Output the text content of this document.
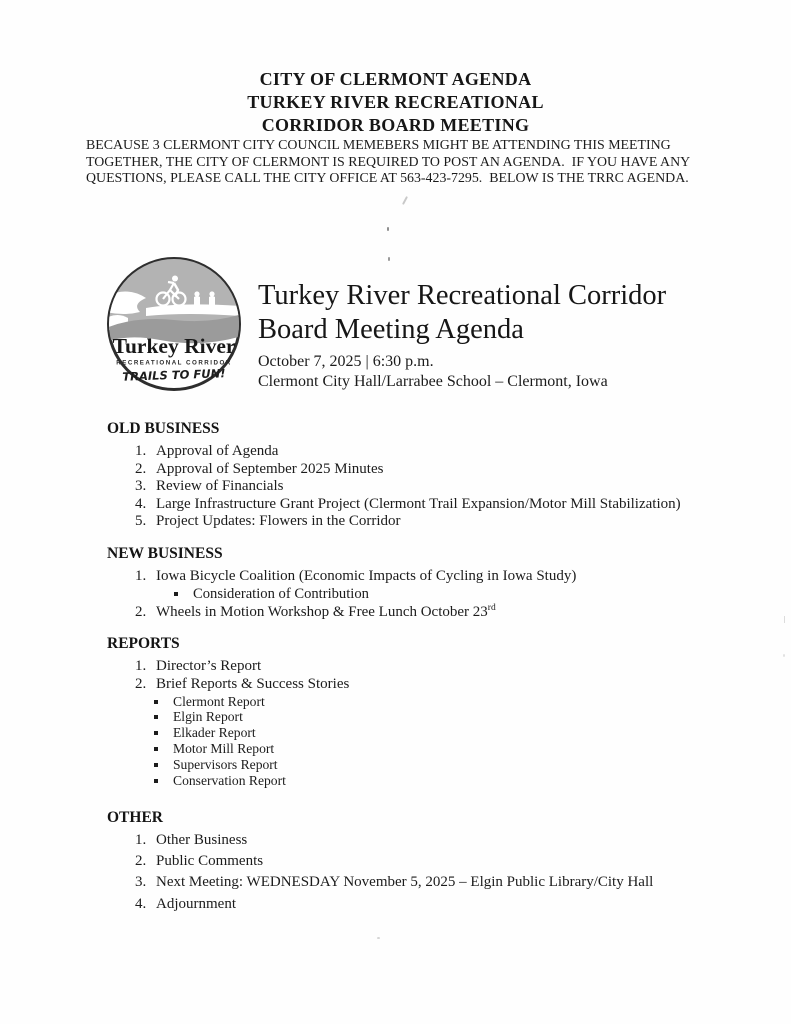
CITY OF CLERMONT AGENDA
TURKEY RIVER RECREATIONAL
CORRIDOR BOARD MEETING
BECAUSE 3 CLERMONT CITY COUNCIL MEMEBERS MIGHT BE ATTENDING THIS MEETING
TOGETHER, THE CITY OF CLERMONT IS REQUIRED TO POST AN AGENDA.  IF YOU HAVE ANY
QUESTIONS, PLEASE CALL THE CITY OFFICE AT 563-423-7295.  BELOW IS THE TRRC AGENDA.
Turkey River
RECREATIONAL CORRIDOR
TRAILS TO FUN!
Turkey River Recreational Corridor
Board Meeting Agenda
October 7, 2025 | 6:30 p.m.
Clermont City Hall/Larrabee School – Clermont, Iowa
OLD BUSINESS
1. Approval of Agenda
2. Approval of September 2025 Minutes
3. Review of Financials
4. Large Infrastructure Grant Project (Clermont Trail Expansion/Motor Mill Stabilization)
5. Project Updates: Flowers in the Corridor
NEW BUSINESS
1. Iowa Bicycle Coalition (Economic Impacts of Cycling in Iowa Study)
▪ Consideration of Contribution
2. Wheels in Motion Workshop & Free Lunch October 23rd
REPORTS
1. Director’s Report
2. Brief Reports & Success Stories
▪ Clermont Report
▪ Elgin Report
▪ Elkader Report
▪ Motor Mill Report
▪ Supervisors Report
▪ Conservation Report
OTHER
1. Other Business
2. Public Comments
3. Next Meeting: WEDNESDAY November 5, 2025 – Elgin Public Library/City Hall
4. Adjournment
